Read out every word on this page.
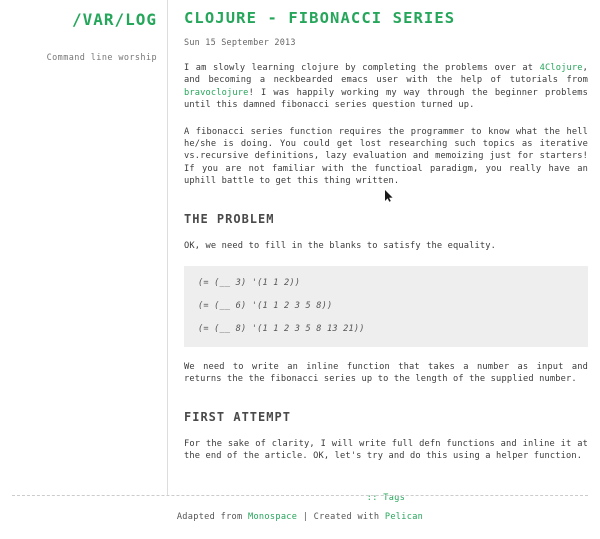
/VAR/LOG
Command line worship
CLOJURE - FIBONACCI SERIES
Sun 15 September 2013

I am slowly learning clojure by completing the problems over at 4Clojure, and becoming a neckbearded emacs user with the help of tutorials from bravoclojure! I was happily working my way through the beginner problems until this damned fibonacci series question turned up.

A fibonacci series function requires the programmer to know what the hell he/she is doing. You could get lost researching such topics as iterative vs.recursive definitions, lazy evaluation and memoizing just for starters! If you are not familiar with the functioal paradigm, you really have an uphill battle to get this thing written.

THE PROBLEM

OK, we need to fill in the blanks to satisfy the equality.

(= (__ 3) '(1 1 2))
(= (__ 6) '(1 1 2 3 5 8))
(= (__ 8) '(1 1 2 3 5 8 13 21))

We need to write an inline function that takes a number as input and returns the the fibonacci series up to the length of the supplied number.

FIRST ATTEMPT

For the sake of clarity, I will write full defn functions and inline it at the end of the article. OK, let's try and do this using a helper function.

:: Tags
Adapted from Monospace | Created with Pelican
